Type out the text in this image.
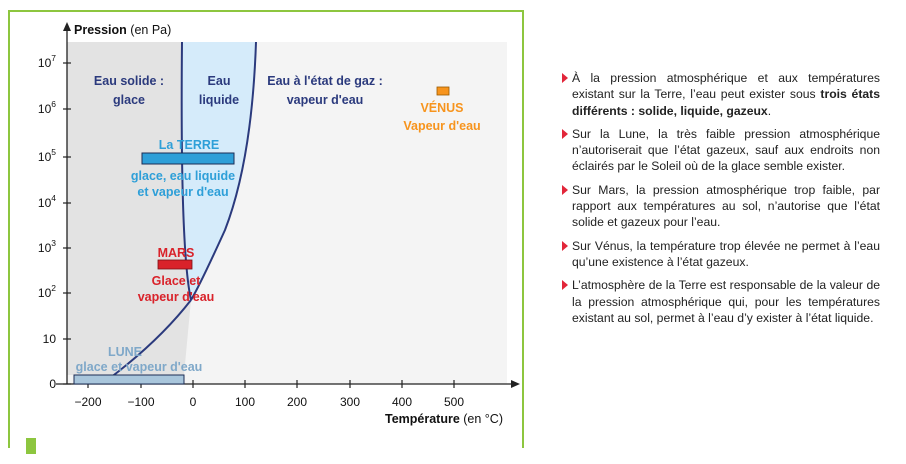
Pression (en Pa)
Température (en °C)
0
10
$10^2$
$10^3$
$10^4$
$10^5$
$10^6$
$10^7$
−200 −100	0	100	200	300	400	500
Eau solide :
glace
Eau
liquide
Eau à l'état de gaz :
vapeur d'eau
VÉNUS
Vapeur d'eau
La TERRE
glace, eau liquide
et vapeur d'eau
MARS
Glace et
vapeur d'eau
LUNE
glace et vapeur d'eau

À la pression atmosphérique et aux températures existant sur la Terre, l’eau peut exister sous trois états différents : solide, liquide, gazeux.

Sur la Lune, la très faible pression atmosphérique n’autoriserait que l’état gazeux, sauf aux endroits non éclairés par le Soleil où de la glace semble exister.

Sur Mars, la pression atmosphérique trop faible, par rapport aux températures au sol, n’autorise que l’état solide et gazeux pour l’eau.

Sur Vénus, la température trop élevée ne permet à l’eau qu’une existence à l’état gazeux.

L’atmosphère de la Terre est responsable de la valeur de la pression atmosphérique qui, pour les températures existant au sol, permet à l’eau d’y exister à l’état liquide.
